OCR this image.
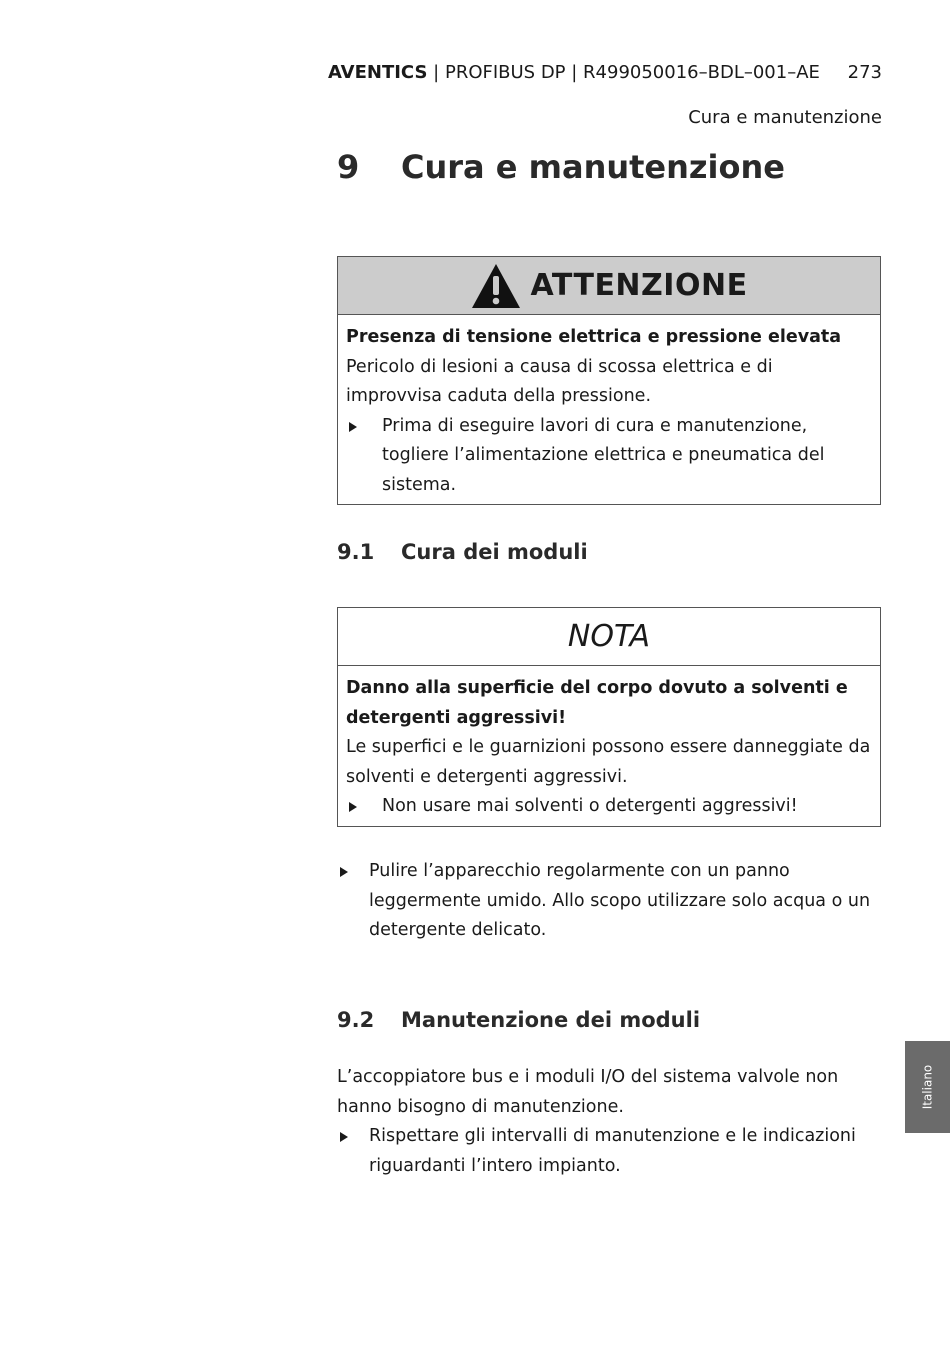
AVENTICS | PROFIBUS DP | R499050016–BDL–001–AE 273
Cura e manutenzione
9 Cura e manutenzione
ATTENZIONE
Presenza di tensione elettrica e pressione elevata
Pericolo di lesioni a causa di scossa elettrica e di improvvisa caduta della pressione.
Prima di eseguire lavori di cura e manutenzione, togliere l’alimentazione elettrica e pneumatica del sistema.
9.1 Cura dei moduli
NOTA
Danno alla superficie del corpo dovuto a solventi e detergenti aggressivi!
Le superfici e le guarnizioni possono essere danneggiate da solventi e detergenti aggressivi.
Non usare mai solventi o detergenti aggressivi!
Pulire l’apparecchio regolarmente con un panno leggermente umido. Allo scopo utilizzare solo acqua o un detergente delicato.
9.2 Manutenzione dei moduli
L’accoppiatore bus e i moduli I/O del sistema valvole non hanno bisogno di manutenzione.
Rispettare gli intervalli di manutenzione e le indicazioni riguardanti l’intero impianto.
Italiano
